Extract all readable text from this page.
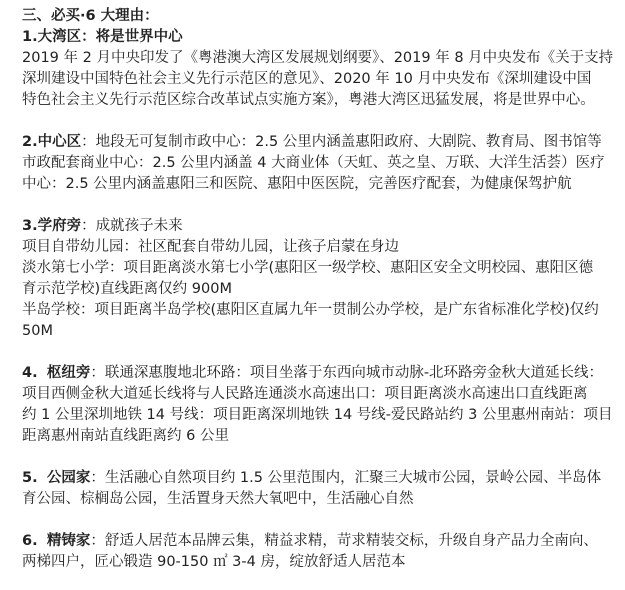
三、必买·6 大理由：

1.大湾区：将是世界中心

2019 年 2 月中央印发了《粤港澳大湾区发展规划纲要》、2019 年 8 月中央发布《关于支持

深圳建设中国特色社会主义先行示范区的意见》、2020 年 10 月中央发布《深圳建设中国

特色社会主义先行示范区综合改革试点实施方案》，粤港大湾区迅猛发展，将是世界中心。

2.中心区：地段无可复制市政中心：2.5 公里内涵盖惠阳政府、大剧院、教育局、图书馆等

市政配套商业中心：2.5 公里内涵盖 4 大商业体（天虹、英之皇、万联、大洋生活荟）医疗

中心：2.5 公里内涵盖惠阳三和医院、惠阳中医医院，完善医疗配套，为健康保驾护航

3.学府旁：成就孩子未来

项目自带幼儿园：社区配套自带幼儿园，让孩子启蒙在身边

淡水第七小学：项目距离淡水第七小学(惠阳区一级学校、惠阳区安全文明校园、惠阳区德

育示范学校)直线距离仅约 900M

半岛学校：项目距离半岛学校(惠阳区直属九年一贯制公办学校，是广东省标准化学校)仅约

50M

4. 枢纽旁：联通深惠腹地北环路：项目坐落于东西向城市动脉-北环路旁金秋大道延长线：

项目西侧金秋大道延长线将与人民路连通淡水高速出口：项目距离淡水高速出口直线距离

约 1 公里深圳地铁 14 号线：项目距离深圳地铁 14 号线-爱民路站约 3 公里惠州南站：项目

距离惠州南站直线距离约 6 公里

5. 公园家：生活融心自然项目约 1.5 公里范围内，汇聚三大城市公园，景岭公园、半岛体

育公园、棕榈岛公园，生活置身天然大氧吧中，生活融心自然

6. 精铸家：舒适人居范本品牌云集，精益求精，苛求精装交标，升级自身产品力全南向、

两梯四户，匠心锻造 90-150 ㎡ 3-4 房，绽放舒适人居范本
